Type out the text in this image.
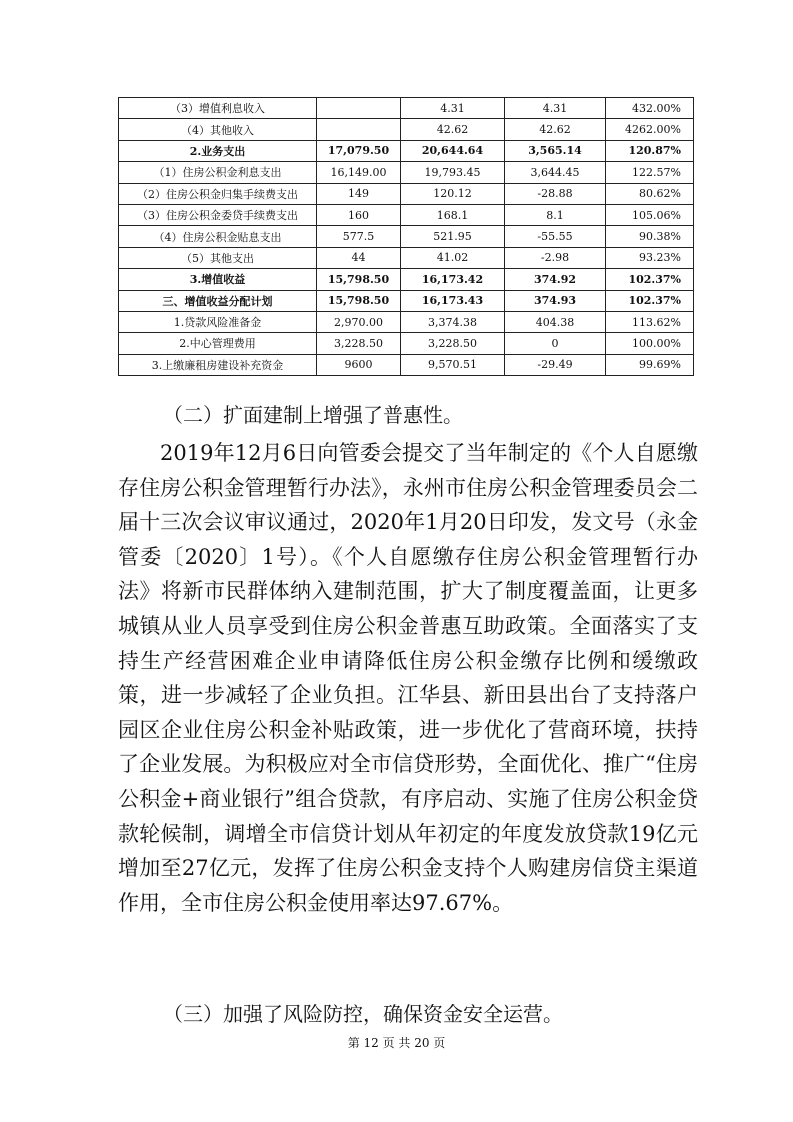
（3）增值利息收入		4.31	4.31	432.00%
（4）其他收入		42.62	42.62	4262.00%
2.业务支出	17,079.50	20,644.64	3,565.14	120.87%
（1）住房公积金利息支出	16,149.00	19,793.45	3,644.45	122.57%
（2）住房公积金归集手续费支出	149	120.12	-28.88	80.62%
（3）住房公积金委贷手续费支出	160	168.1	8.1	105.06%
（4）住房公积金贴息支出	577.5	521.95	-55.55	90.38%
（5）其他支出	44	41.02	-2.98	93.23%
3.增值收益	15,798.50	16,173.42	374.92	102.37%
三、增值收益分配计划	15,798.50	16,173.43	374.93	102.37%
1.贷款风险准备金	2,970.00	3,374.38	404.38	113.62%
2.中心管理费用	3,228.50	3,228.50	0	100.00%
3.上缴廉租房建设补充资金	9600	9,570.51	-29.49	99.69%
（二）扩面建制上增强了普惠性。
2019年12月6日向管委会提交了当年制定的《个人自愿缴存住房公积金管理暂行办法》，永州市住房公积金管理委员会二届十三次会议审议通过，2020年1月20日印发，发文号（永金管委〔2020〕1号）。《个人自愿缴存住房公积金管理暂行办法》将新市民群体纳入建制范围，扩大了制度覆盖面，让更多城镇从业人员享受到住房公积金普惠互助政策。全面落实了支持生产经营困难企业申请降低住房公积金缴存比例和缓缴政策，进一步减轻了企业负担。江华县、新田县出台了支持落户园区企业住房公积金补贴政策，进一步优化了营商环境，扶持了企业发展。为积极应对全市信贷形势，全面优化、推广“住房公积金+商业银行”组合贷款，有序启动、实施了住房公积金贷款轮候制，调增全市信贷计划从年初定的年度发放贷款19亿元增加至27亿元，发挥了住房公积金支持个人购建房信贷主渠道作用，全市住房公积金使用率达97.67%。
（三）加强了风险防控，确保资金安全运营。
第 12 页 共 20 页
